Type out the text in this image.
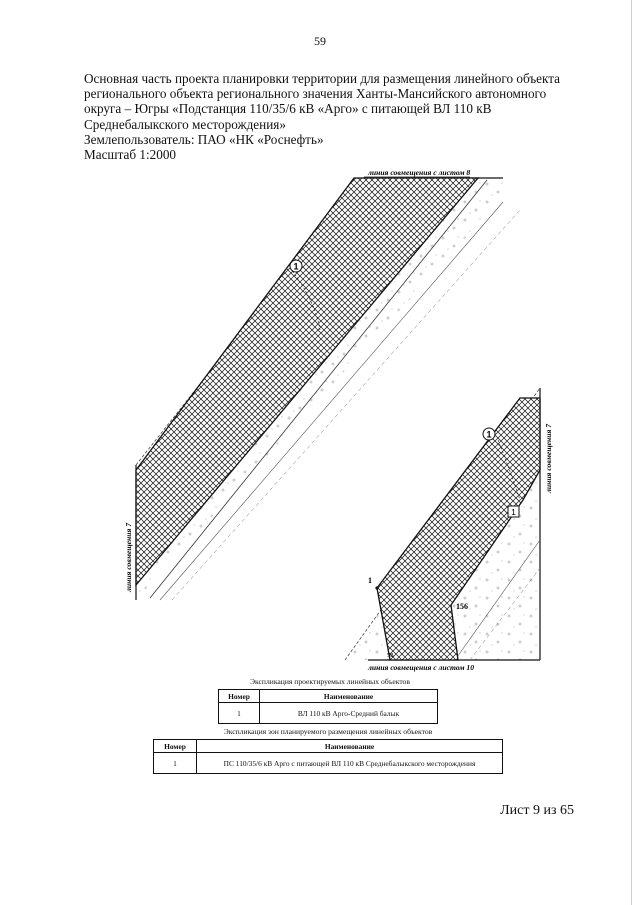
59
Основная часть проекта планировки территории для размещения линейного объекта
регионального объекта регионального значения Ханты-Мансийского автономного
округа – Югры «Подстанция 110/35/6 кВ «Арго» с питающей ВЛ 110 кВ
Среднебалыкского месторождения»
Землепользователь: ПАО «НК «Роснефть»
Масштаб 1:2000
1
линия совмещения с листом 8
линия совмещения 7
1
1
1
156
58
линия совмещения с листом 10
линия совмещения 7
Экспликация проектируемых линейных объектов
Номер	Наименование
1	ВЛ 110 кВ Арго-Средний балык
Экспликация зон планируемого размещения линейных объектов
Номер	Наименование
1	ПС 110/35/6 кВ Арго с питающей ВЛ 110 кВ Среднебалыкского месторождения
Лист 9 из 65
